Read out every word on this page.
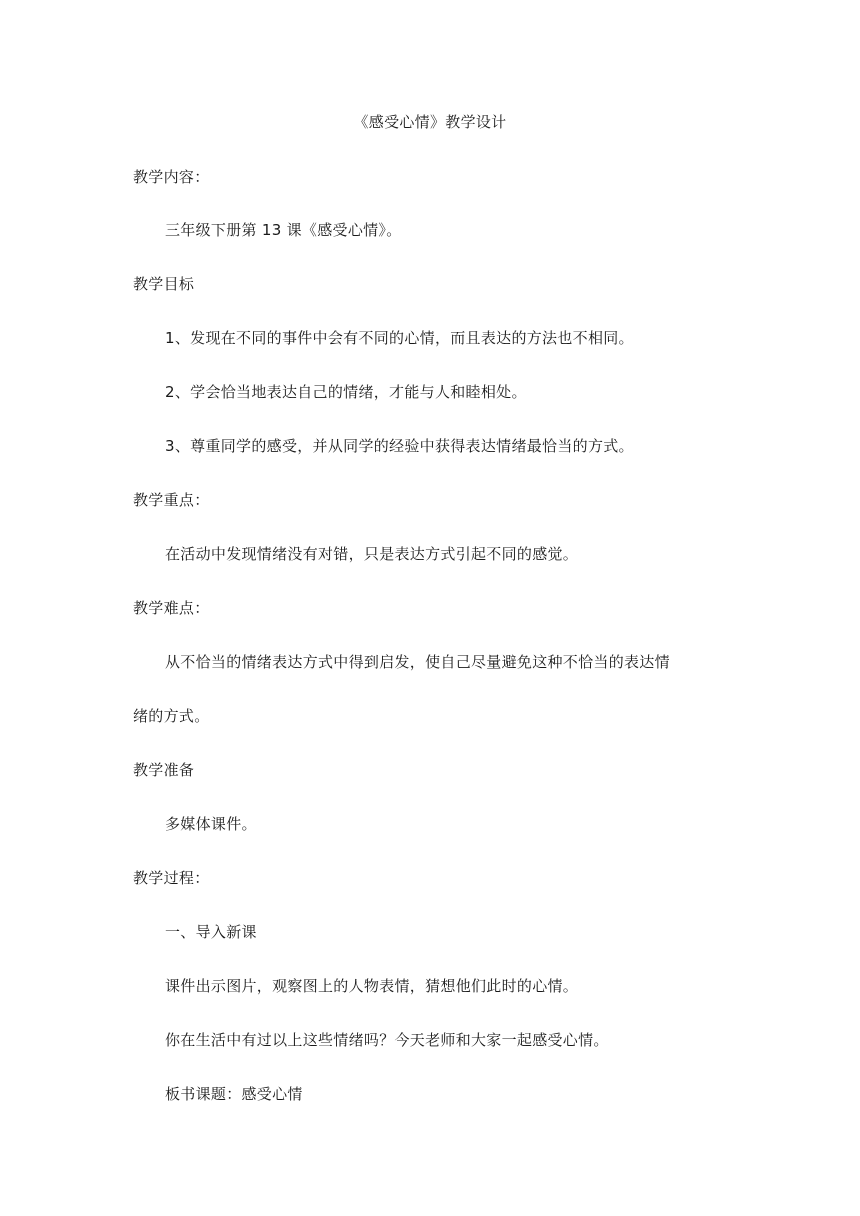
《感受心情》教学设计
教学内容：
三年级下册第 13 课《感受心情》。
教学目标
1、发现在不同的事件中会有不同的心情，而且表达的方法也不相同。
2、学会恰当地表达自己的情绪，才能与人和睦相处。
3、尊重同学的感受，并从同学的经验中获得表达情绪最恰当的方式。
教学重点：
在活动中发现情绪没有对错，只是表达方式引起不同的感觉。
教学难点：
从不恰当的情绪表达方式中得到启发，使自己尽量避免这种不恰当的表达情
绪的方式。
教学准备
多媒体课件。
教学过程：
一、导入新课
课件出示图片，观察图上的人物表情，猜想他们此时的心情。
你在生活中有过以上这些情绪吗？今天老师和大家一起感受心情。
板书课题：感受心情
